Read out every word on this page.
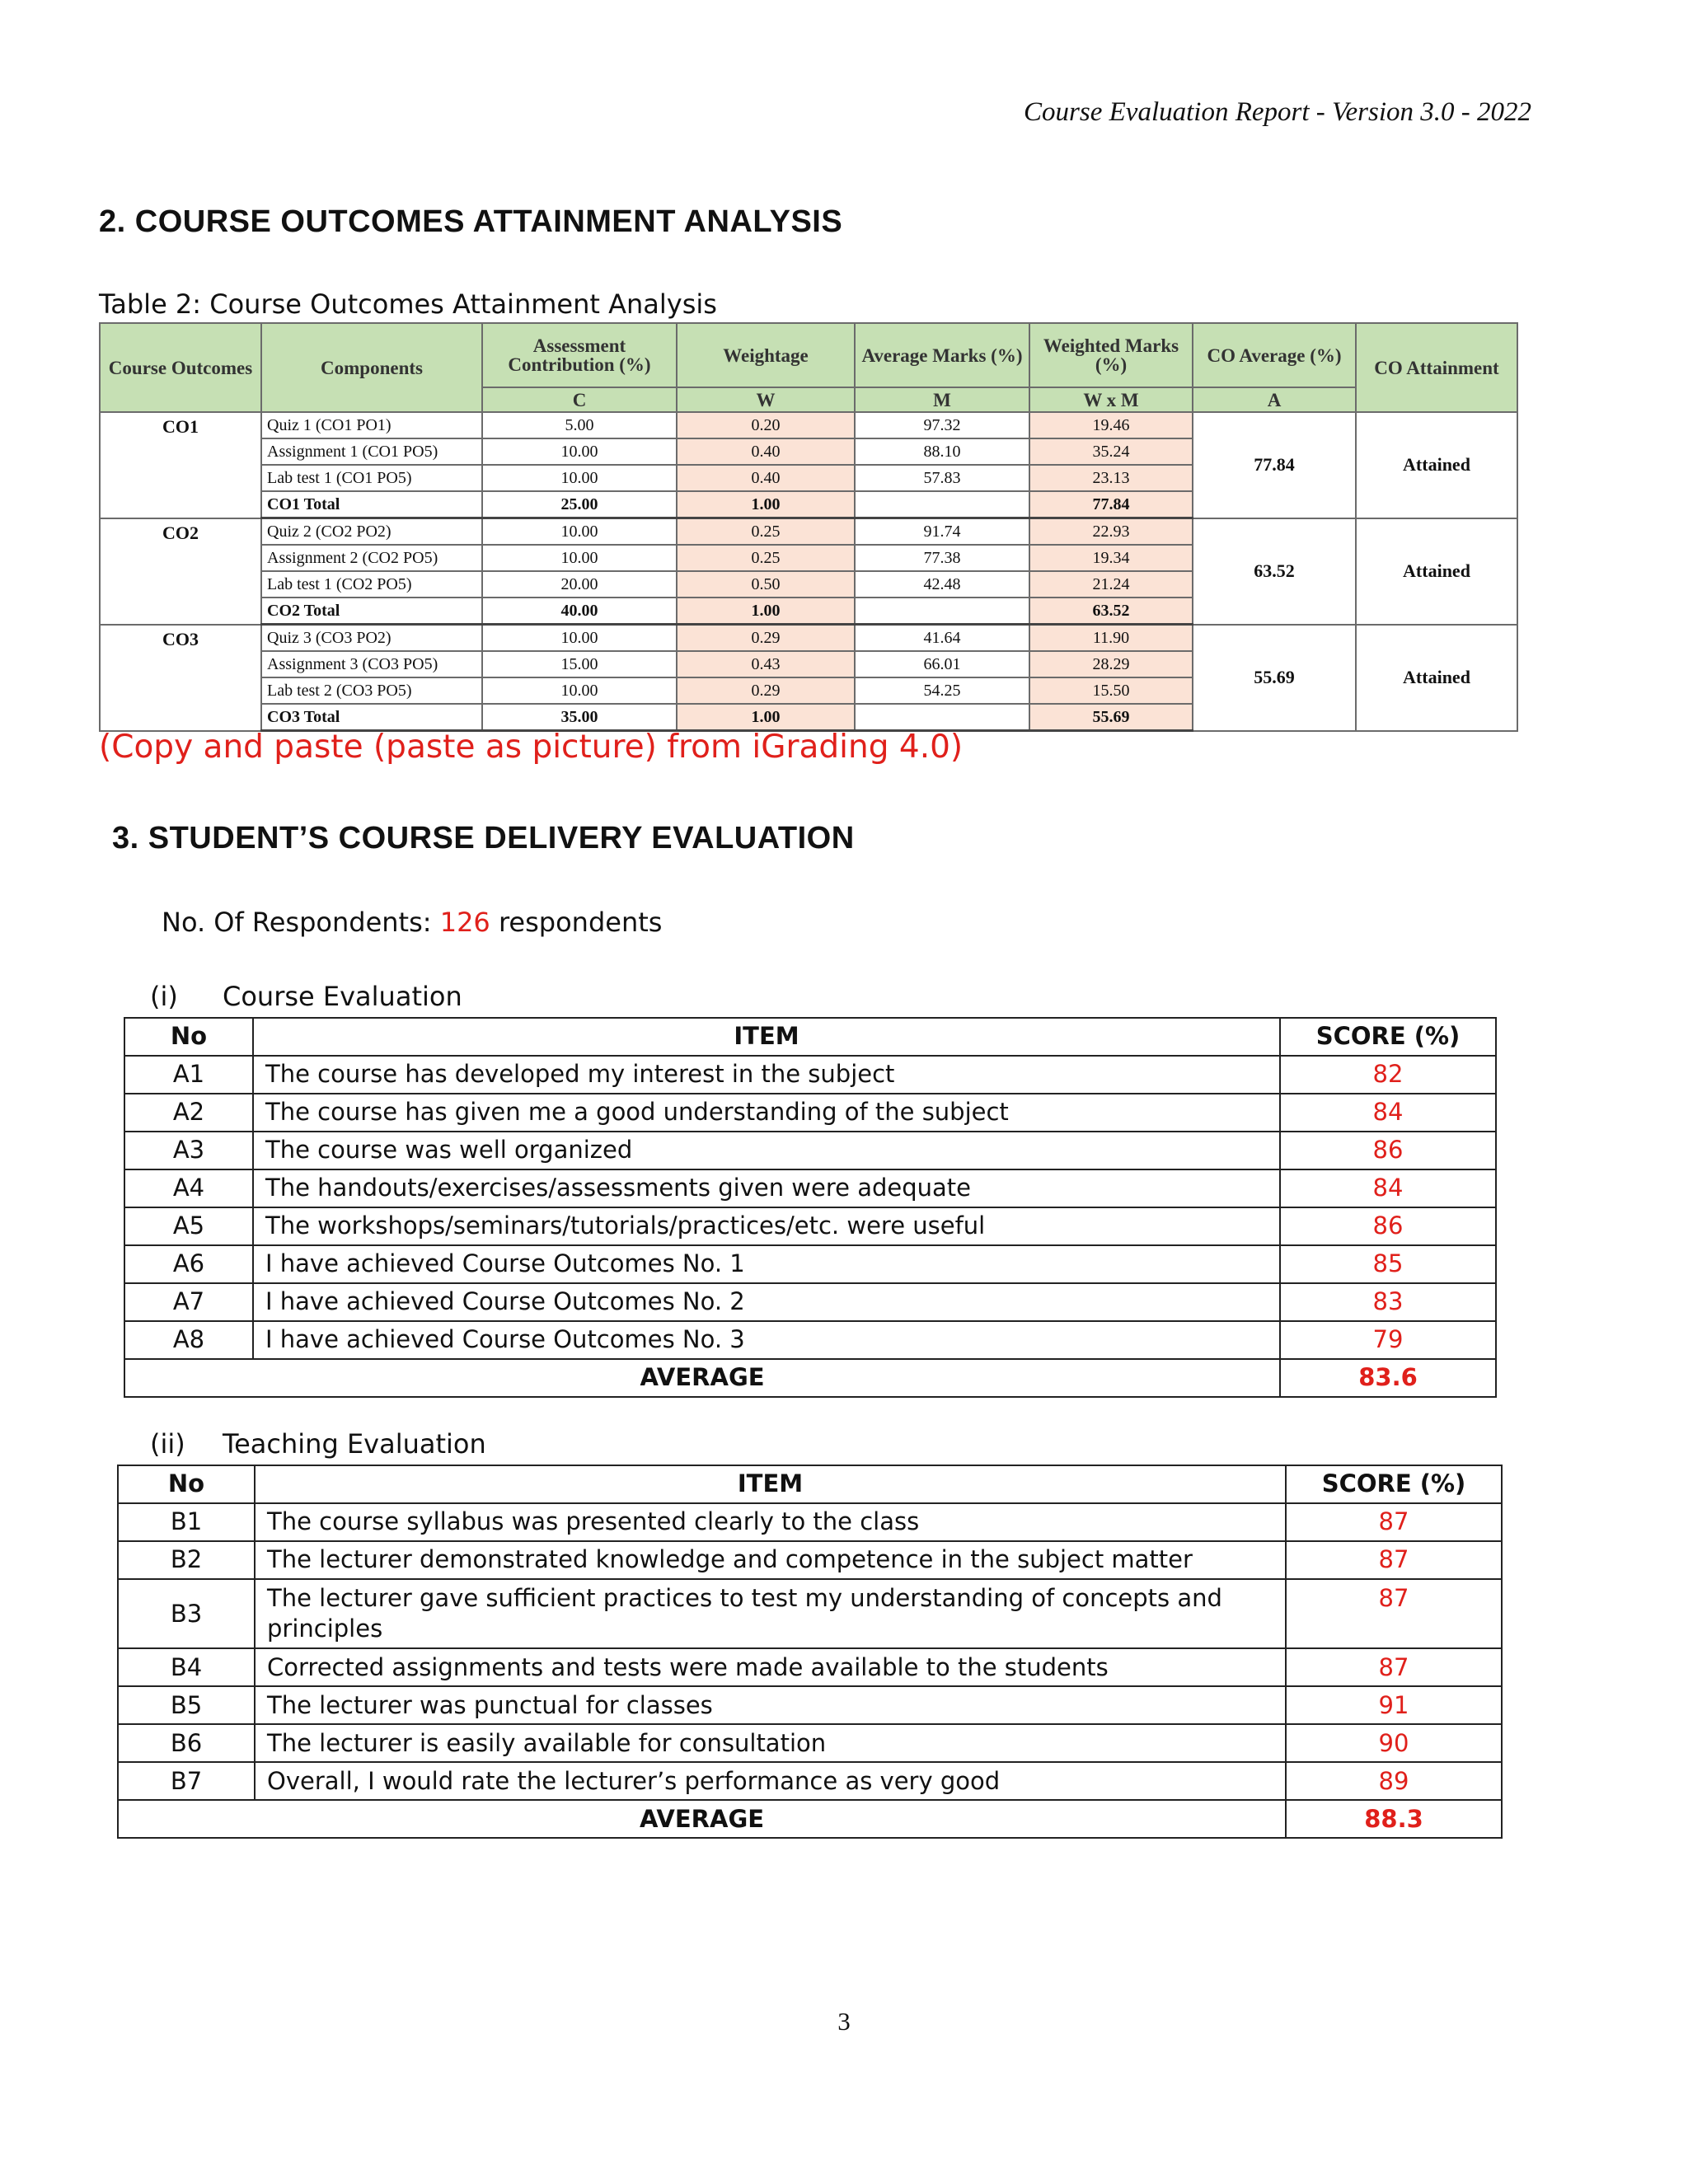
Course Evaluation Report - Version 3.0 - 2022
2. COURSE OUTCOMES ATTAINMENT ANALYSIS
Table 2: Course Outcomes Attainment Analysis
Course Outcomes	Components	Assessment Contribution (%)	Weightage	Average Marks (%)	Weighted Marks (%)	CO Average (%)	CO Attainment
		C	W	M	W x M	A	
CO1	Quiz 1 (CO1 PO1)	5.00	0.20	97.32	19.46	77.84	Attained
	Assignment 1 (CO1 PO5)	10.00	0.40	88.10	35.24		
	Lab test 1 (CO1 PO5)	10.00	0.40	57.83	23.13		
	CO1 Total	25.00	1.00		77.84		
CO2	Quiz 2 (CO2 PO2)	10.00	0.25	91.74	22.93	63.52	Attained
	Assignment 2 (CO2 PO5)	10.00	0.25	77.38	19.34		
	Lab test 1 (CO2 PO5)	20.00	0.50	42.48	21.24		
	CO2 Total	40.00	1.00		63.52		
CO3	Quiz 3 (CO3 PO2)	10.00	0.29	41.64	11.90	55.69	Attained
	Assignment 3 (CO3 PO5)	15.00	0.43	66.01	28.29		
	Lab test 2 (CO3 PO5)	10.00	0.29	54.25	15.50		
	CO3 Total	35.00	1.00		55.69		
(Copy and paste (paste as picture) from iGrading 4.0)
3. STUDENT’S COURSE DELIVERY EVALUATION
No. Of Respondents: 126 respondents
(i) Course Evaluation
No	ITEM	SCORE (%)
A1	The course has developed my interest in the subject	82
A2	The course has given me a good understanding of the subject	84
A3	The course was well organized	86
A4	The handouts/exercises/assessments given were adequate	84
A5	The workshops/seminars/tutorials/practices/etc. were useful	86
A6	I have achieved Course Outcomes No. 1	85
A7	I have achieved Course Outcomes No. 2	83
A8	I have achieved Course Outcomes No. 3	79
AVERAGE		83.6
(ii) Teaching Evaluation
No	ITEM	SCORE (%)
B1	The course syllabus was presented clearly to the class	87
B2	The lecturer demonstrated knowledge and competence in the subject matter	87
B3	The lecturer gave sufficient practices to test my understanding of concepts and principles	87
B4	Corrected assignments and tests were made available to the students	87
B5	The lecturer was punctual for classes	91
B6	The lecturer is easily available for consultation	90
B7	Overall, I would rate the lecturer’s performance as very good	89
AVERAGE		88.3
3
